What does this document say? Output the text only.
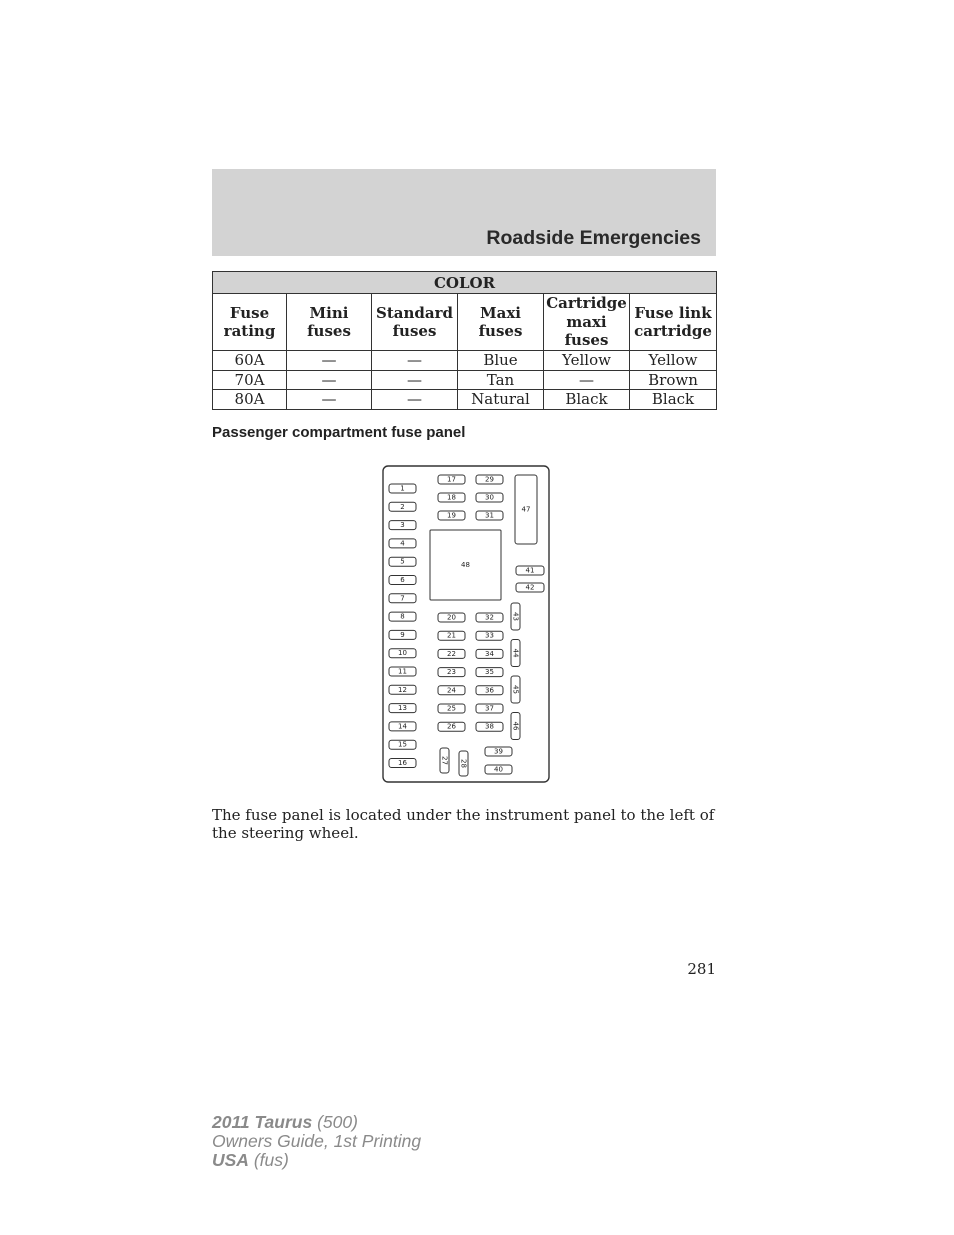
Roadside Emergencies
COLOR					
Fuse rating	Mini fuses	Standard fuses	Maxi fuses	Cartridge maxi fuses	Fuse link cartridge
60A	—	—	Blue	Yellow	Yellow
70A	—	—	Tan	—	Brown
80A	—	—	Natural	Black	Black
Passenger compartment fuse panel
1
2
3
4
5
6
7
8
9
10
11
12
13
14
15
16
17
18
19
20
21
22
23
24
25
26
27 28
29
30
31
32
33
34
35
36
37
38
39
40
41
42
43
44
45
46
47
48
The fuse panel is located under the instrument panel to the left of the steering wheel.
281
2011 Taurus (500)
Owners Guide, 1st Printing
USA (fus)
